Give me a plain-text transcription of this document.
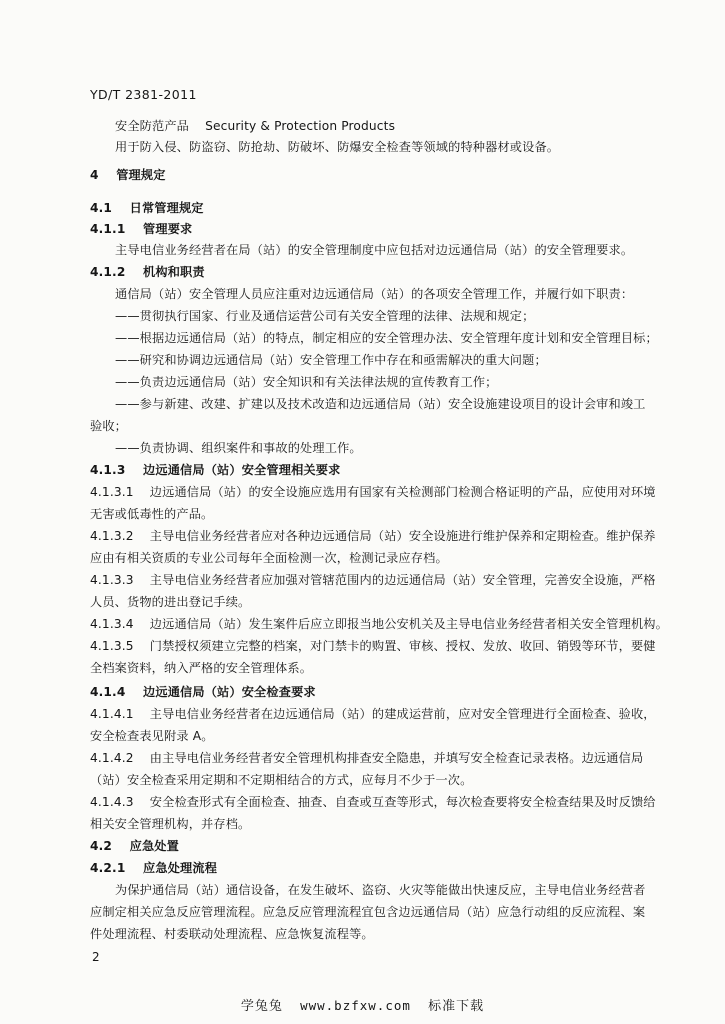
YD/T 2381-2011
安全防范产品    Security & Protection Products
用于防入侵、防盗窃、防抢劫、防破坏、防爆安全检查等领域的特种器材或设备。
4    管理规定
4.1    日常管理规定
4.1.1    管理要求
主导电信业务经营者在局（站）的安全管理制度中应包括对边远通信局（站）的安全管理要求。
4.1.2    机构和职责
通信局（站）安全管理人员应注重对边远通信局（站）的各项安全管理工作，并履行如下职责：
——贯彻执行国家、行业及通信运营公司有关安全管理的法律、法规和规定；
——根据边远通信局（站）的特点，制定相应的安全管理办法、安全管理年度计划和安全管理目标；
——研究和协调边远通信局（站）安全管理工作中存在和亟需解决的重大问题；
——负责边远通信局（站）安全知识和有关法律法规的宣传教育工作；
——参与新建、改建、扩建以及技术改造和边远通信局（站）安全设施建设项目的设计会审和竣工
验收；
——负责协调、组织案件和事故的处理工作。
4.1.3    边远通信局（站）安全管理相关要求
4.1.3.1    边远通信局（站）的安全设施应选用有国家有关检测部门检测合格证明的产品，应使用对环境
无害或低毒性的产品。
4.1.3.2    主导电信业务经营者应对各种边远通信局（站）安全设施进行维护保养和定期检查。维护保养
应由有相关资质的专业公司每年全面检测一次，检测记录应存档。
4.1.3.3    主导电信业务经营者应加强对管辖范围内的边远通信局（站）安全管理，完善安全设施，严格
人员、货物的进出登记手续。
4.1.3.4    边远通信局（站）发生案件后应立即报当地公安机关及主导电信业务经营者相关安全管理机构。
4.1.3.5    门禁授权须建立完整的档案，对门禁卡的购置、审核、授权、发放、收回、销毁等环节，要健
全档案资料，纳入严格的安全管理体系。
4.1.4    边远通信局（站）安全检查要求
4.1.4.1    主导电信业务经营者在边远通信局（站）的建成运营前，应对安全管理进行全面检查、验收，
安全检查表见附录 A。
4.1.4.2    由主导电信业务经营者安全管理机构排查安全隐患，并填写安全检查记录表格。边远通信局
（站）安全检查采用定期和不定期相结合的方式，应每月不少于一次。
4.1.4.3    安全检查形式有全面检查、抽查、自查或互查等形式，每次检查要将安全检查结果及时反馈给
相关安全管理机构，并存档。
4.2    应急处置
4.2.1    应急处理流程
为保护通信局（站）通信设备，在发生破坏、盗窃、火灾等能做出快速反应，主导电信业务经营者
应制定相关应急反应管理流程。应急反应管理流程宜包含边远通信局（站）应急行动组的反应流程、案
件处理流程、村委联动处理流程、应急恢复流程等。
2
学兔兔 www.bzfxw.com 标准下载
